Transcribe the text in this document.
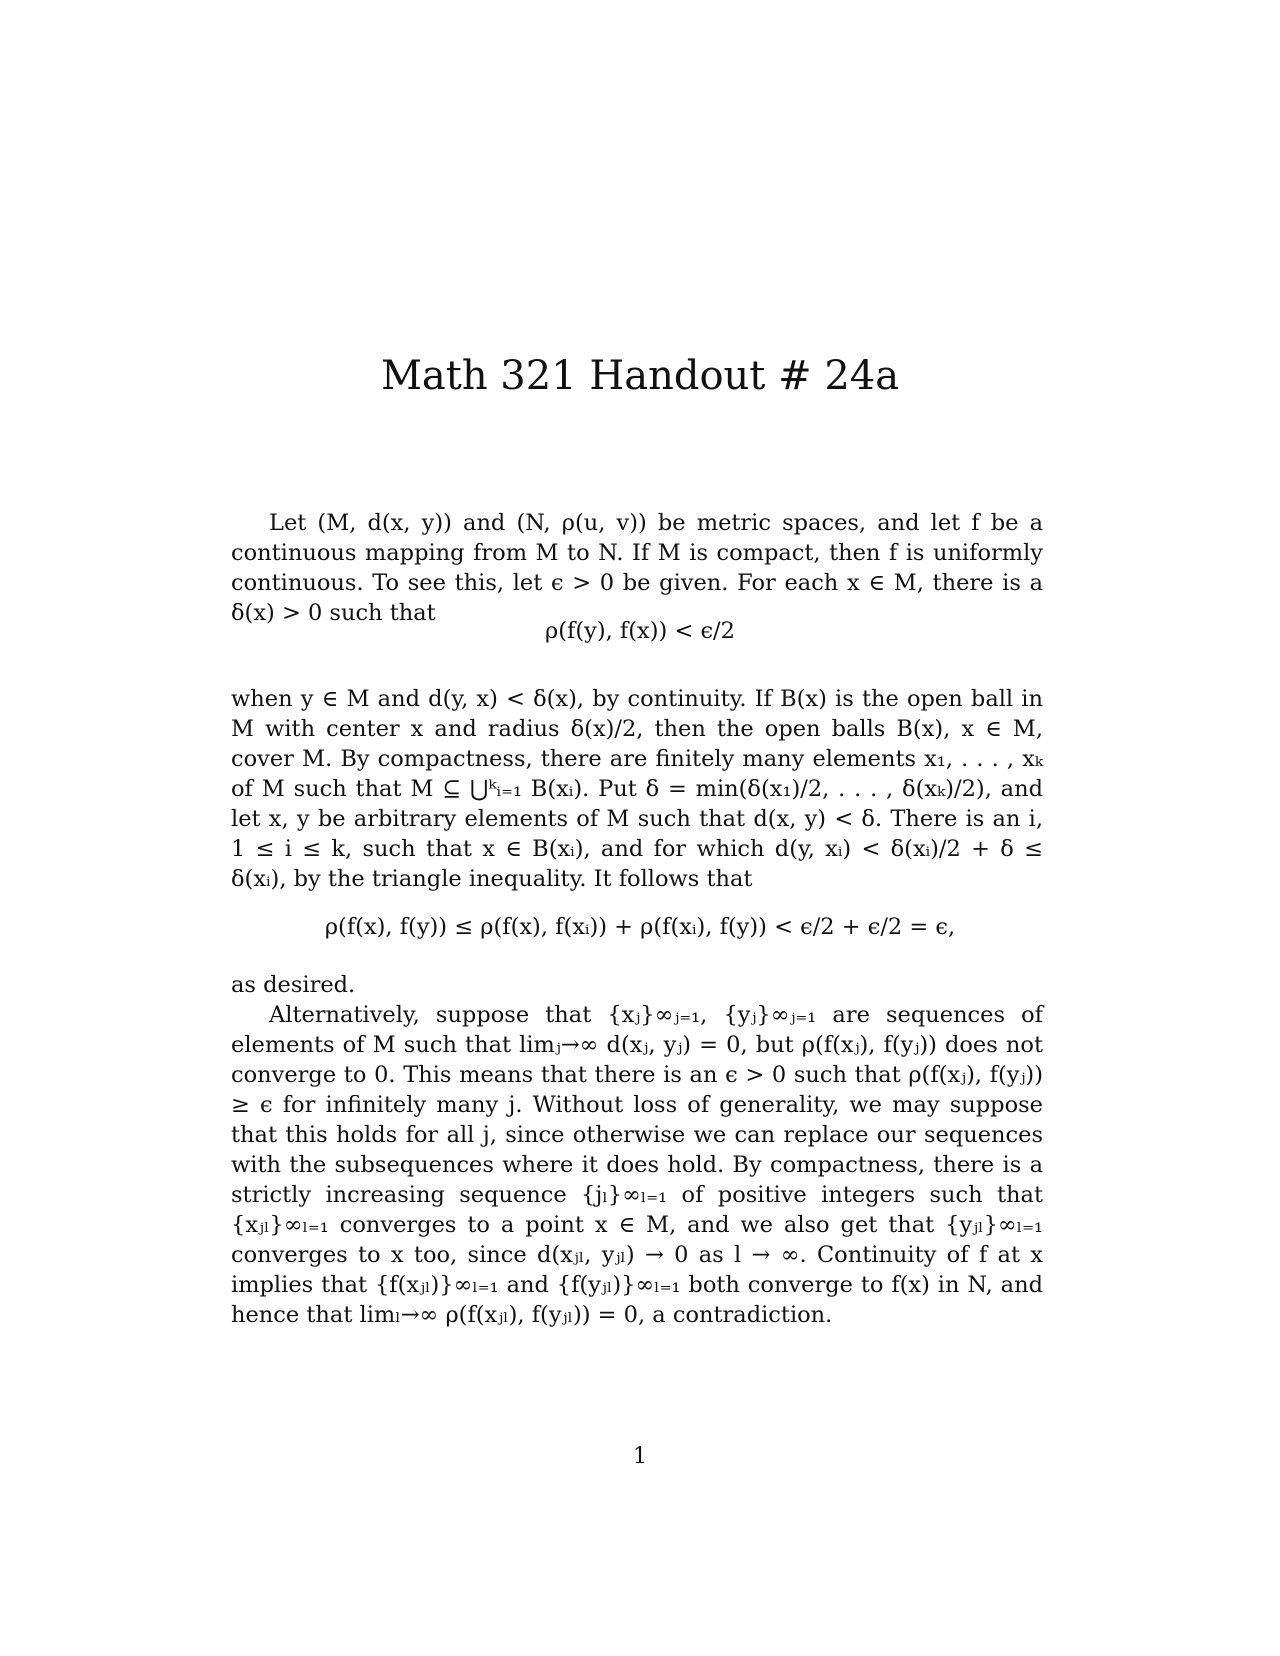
Math 321 Handout # 24a

Let (M, d(x, y)) and (N, ρ(u, v)) be metric spaces, and let f be a continuous mapping from M to N. If M is compact, then f is uniformly continuous. To see this, let ϵ > 0 be given. For each x ∈ M, there is a δ(x) > 0 such that

ρ(f(y), f(x)) < ϵ/2

when y ∈ M and d(y, x) < δ(x), by continuity. If B(x) is the open ball in M with center x and radius δ(x)/2, then the open balls B(x), x ∈ M, cover M. By compactness, there are finitely many elements x₁, . . . , xₖ of M such that M ⊆ ⋃ᵏᵢ₌₁ B(xᵢ). Put δ = min(δ(x₁)/2, . . . , δ(xₖ)/2), and let x, y be arbitrary elements of M such that d(x, y) < δ. There is an i, 1 ≤ i ≤ k, such that x ∈ B(xᵢ), and for which d(y, xᵢ) < δ(xᵢ)/2 + δ ≤ δ(xᵢ), by the triangle inequality. It follows that

ρ(f(x), f(y)) ≤ ρ(f(x), f(xᵢ)) + ρ(f(xᵢ), f(y)) < ϵ/2 + ϵ/2 = ϵ,

as desired.

Alternatively, suppose that {xⱼ}∞ⱼ₌₁, {yⱼ}∞ⱼ₌₁ are sequences of elements of M such that limⱼ→∞ d(xⱼ, yⱼ) = 0, but ρ(f(xⱼ), f(yⱼ)) does not converge to 0. This means that there is an ϵ > 0 such that ρ(f(xⱼ), f(yⱼ)) ≥ ϵ for infinitely many j. Without loss of generality, we may suppose that this holds for all j, since otherwise we can replace our sequences with the subsequences where it does hold. By compactness, there is a strictly increasing sequence {jₗ}∞ₗ₌₁ of positive integers such that {xⱼₗ}∞ₗ₌₁ converges to a point x ∈ M, and we also get that {yⱼₗ}∞ₗ₌₁ converges to x too, since d(xⱼₗ, yⱼₗ) → 0 as l → ∞. Continuity of f at x implies that {f(xⱼₗ)}∞ₗ₌₁ and {f(yⱼₗ)}∞ₗ₌₁ both converge to f(x) in N, and hence that limₗ→∞ ρ(f(xⱼₗ), f(yⱼₗ)) = 0, a contradiction.

1
